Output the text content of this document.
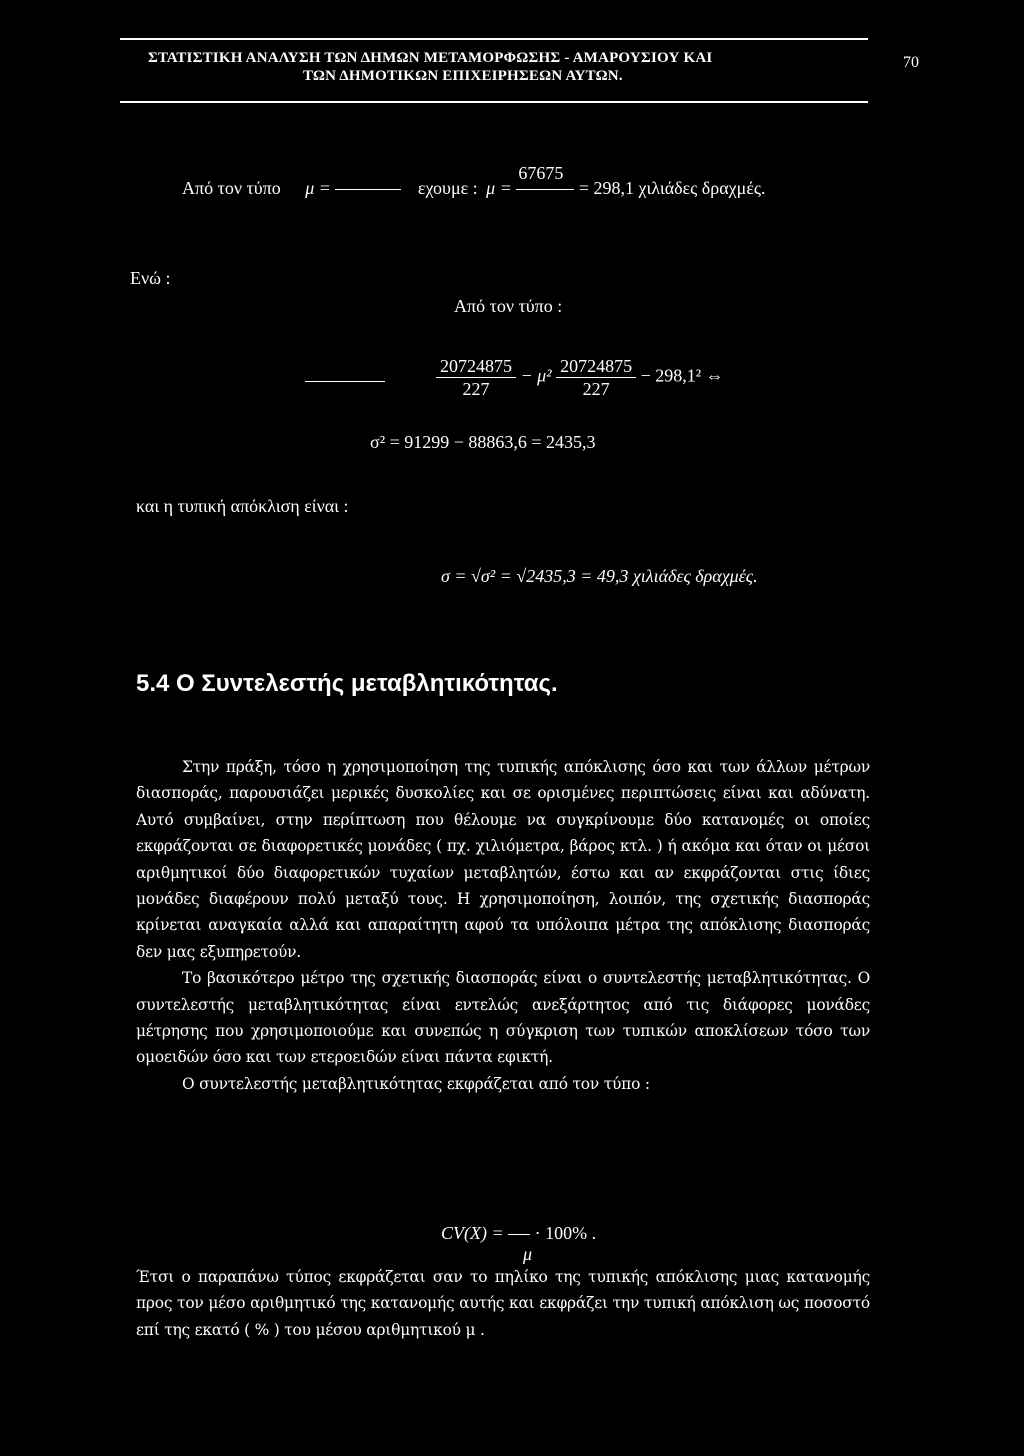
ΣΤΑΤΙΣΤΙΚΗ ΑΝΑΛΥΣΗ ΤΩΝ ΔΗΜΩΝ ΜΕΤΑΜΟΡΦΩΣΗΣ - ΑΜΑΡΟΥΣΙΟΥ ΚΑΙ
ΤΩΝ ΔΗΜΟΤΙΚΩΝ ΕΠΙΧΕΙΡΗΣΕΩΝ ΑΥΤΩΝ.
70
Από τον τύπο μ =	εχουμε : μ =
67675
= 298,1 χιλιάδες δραχμές.
Ενώ :
Από τον τύπο :
$\frac{20724875}{227} - \mu^2 \frac{20724875}{227} - 298,1^2$ ⇔
σ² = 91299 − 88863,6 = 2435,3
και η τυπική απόκλιση είναι :
σ = √σ² = √2435,3 = 49,3 χιλιάδες δραχμές.
5.4 Ο Συντελεστής μεταβλητικότητας.

Στην πράξη, τόσο η χρησιμοποίηση της τυπικής απόκλισης όσο και των άλλων μέτρων διασποράς, παρουσιάζει μερικές δυσκολίες και σε ορισμένες περιπτώσεις είναι και αδύνατη. Αυτό συμβαίνει, στην περίπτωση που θέλουμε να συγκρίνουμε δύο κατανομές οι οποίες εκφράζονται σε διαφορετικές μονάδες ( πχ. χιλιόμετρα, βάρος κτλ. ) ή ακόμα και όταν οι μέσοι αριθμητικοί δύο διαφορετικών τυχαίων μεταβλητών, έστω και αν εκφράζονται στις ίδιες μονάδες διαφέρουν πολύ μεταξύ τους. Η χρησιμοποίηση, λοιπόν, της σχετικής διασποράς κρίνεται αναγκαία αλλά και απαραίτητη αφού τα υπόλοιπα μέτρα της απόκλισης διασποράς δεν μας εξυπηρετούν.

Το βασικότερο μέτρο της σχετικής διασποράς είναι ο συντελεστής μεταβλητικότητας. Ο συντελεστής μεταβλητικότητας είναι εντελώς ανεξάρτητος από τις διάφορες μονάδες μέτρησης που χρησιμοποιούμε και συνεπώς η σύγκριση των τυπικών αποκλίσεων τόσο των ομοειδών όσο και των ετεροειδών είναι πάντα εφικτή.

Ο συντελεστής μεταβλητικότητας εκφράζεται από τον τύπο :

CV(X) = · 100% .
μ

Έτσι ο παραπάνω τύπος εκφράζεται σαν το πηλίκο της τυπικής απόκλισης μιας κατανομής προς τον μέσο αριθμητικό της κατανομής αυτής και εκφράζει την τυπική απόκλιση ως ποσοστό επί της εκατό ( % ) του μέσου αριθμητικού μ .
